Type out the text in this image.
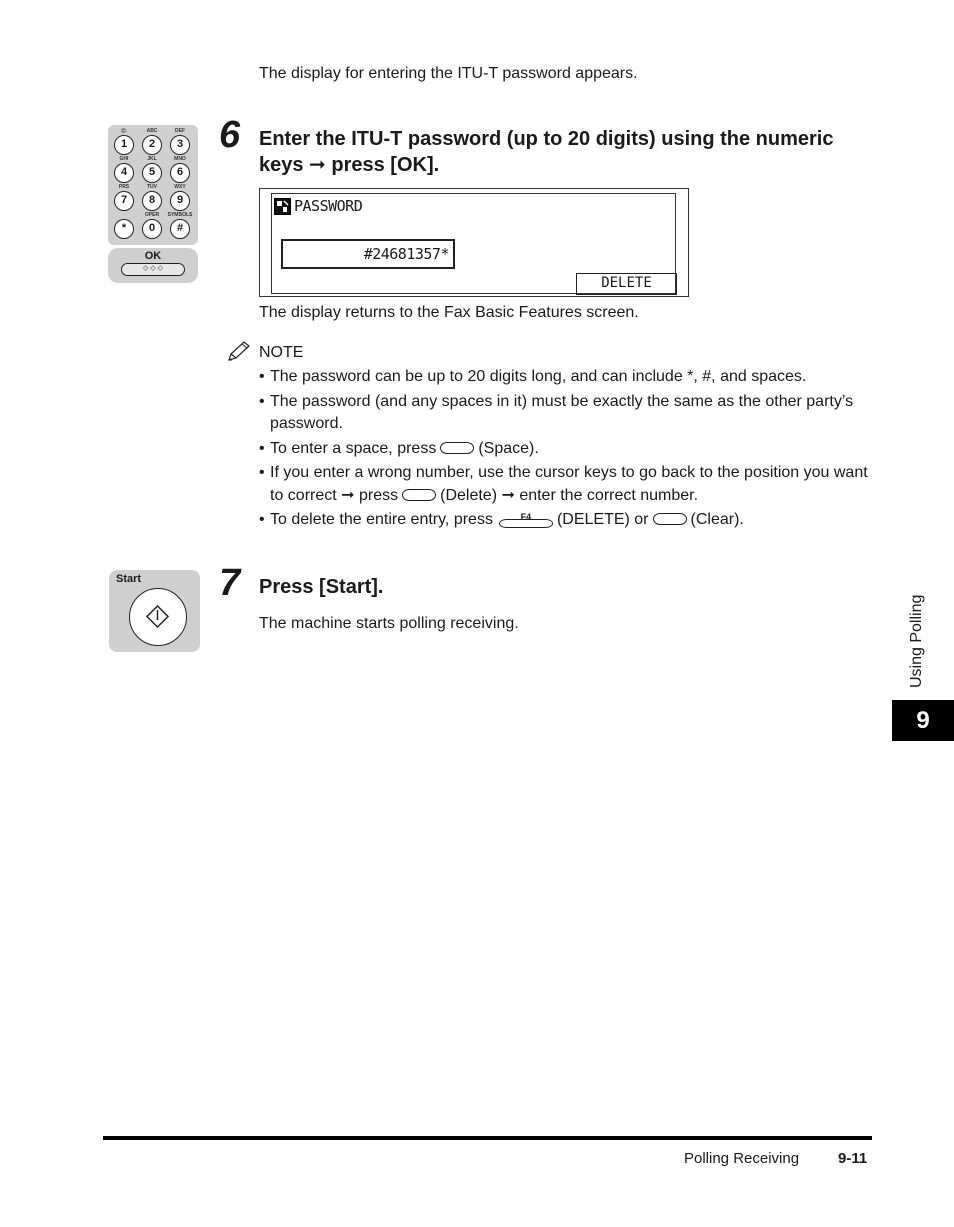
The display for entering the ITU-T password appears.
@.
1
ABC
2
DEF
3
GHI
4
JKL
5
MNO
6
PRS
7
TUV
8
WXY
9
*
OPER
0
SYMBOLS
#
OK
◇ ◇ ◇
6 Enter the ITU-T password (up to 20 digits) using the numeric keys ➞ press [OK].
PASSWORD
#24681357*
DELETE
The display returns to the Fax Basic Features screen.
NOTE
• The password can be up to 20 digits long, and can include *, #, and spaces.
• The password (and any spaces in it) must be exactly the same as the other party’s password.
• To enter a space, press	(Space).
• If you enter a wrong number, use the cursor keys to go back to the position you want to correct ➞ press	(Delete) ➞ enter the correct number.
• To delete the entire entry, press	F4	(DELETE) or	(Clear).
Start 7 Press [Start].
The machine starts polling receiving.	Using Polling
9
Polling Receiving	9-11
